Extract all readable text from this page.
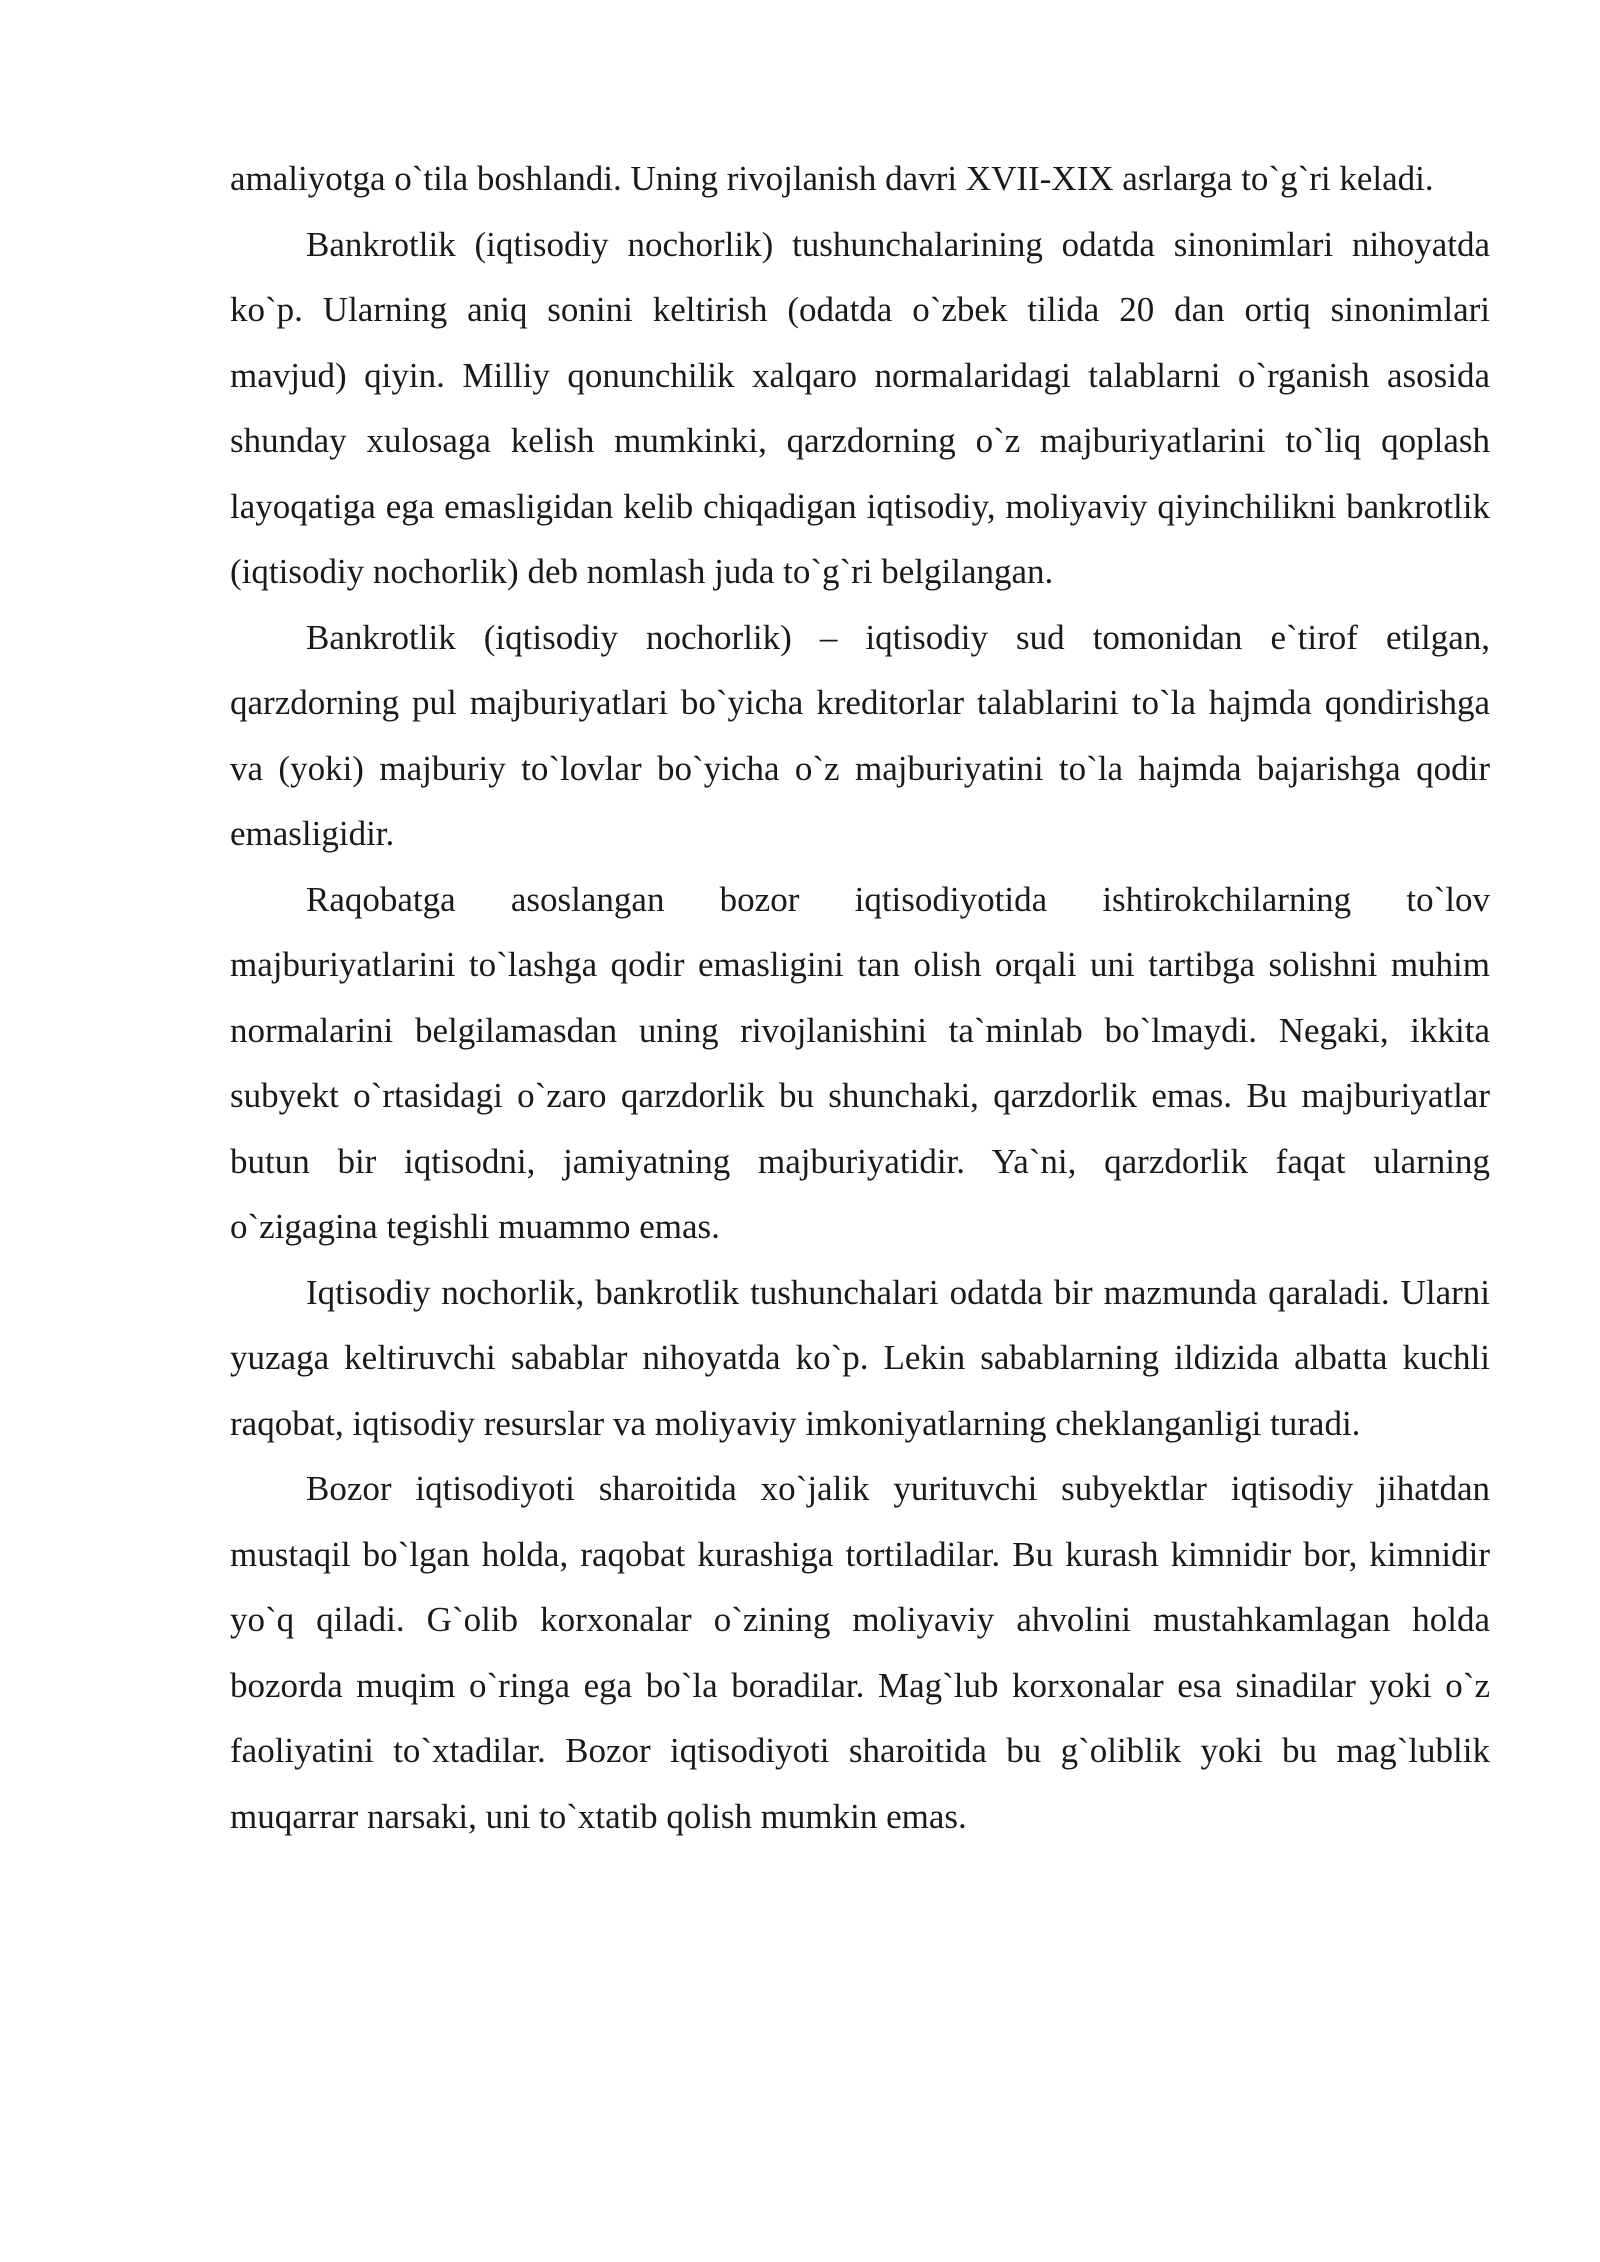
amaliyotga o`tila boshlandi. Uning rivojlanish davri XVII-XIX asrlarga to`g`ri keladi.

Bankrotlik (iqtisodiy nochorlik) tushunchalarining odatda sinonimlari nihoyatda ko`p. Ularning aniq sonini keltirish (odatda o`zbek tilida 20 dan ortiq sinonimlari mavjud) qiyin. Milliy qonunchilik xalqaro normalaridagi talablarni o`rganish asosida shunday xulosaga kelish mumkinki, qarzdorning o`z majburiyatlarini to`liq qoplash layoqatiga ega emasligidan kelib chiqadigan iqtisodiy, moliyaviy qiyinchilikni bankrotlik (iqtisodiy nochorlik) deb nomlash juda to`g`ri belgilangan.

Bankrotlik (iqtisodiy nochorlik) – iqtisodiy sud tomonidan e`tirof etilgan, qarzdorning pul majburiyatlari bo`yicha kreditorlar talablarini to`la hajmda qondirishga va (yoki) majburiy to`lovlar bo`yicha o`z majburiyatini to`la hajmda bajarishga qodir emasligidir.

Raqobatga asoslangan bozor iqtisodiyotida ishtirokchilarning to`lov majburiyatlarini to`lashga qodir emasligini tan olish orqali uni tartibga solishni muhim normalarini belgilamasdan uning rivojlanishini ta`minlab bo`lmaydi. Negaki, ikkita subyekt o`rtasidagi o`zaro qarzdorlik bu shunchaki, qarzdorlik emas. Bu majburiyatlar butun bir iqtisodni, jamiyatning majburiyatidir. Ya`ni, qarzdorlik faqat ularning o`zigagina tegishli muammo emas.

Iqtisodiy nochorlik, bankrotlik tushunchalari odatda bir mazmunda qaraladi. Ularni yuzaga keltiruvchi sabablar nihoyatda ko`p. Lekin sabablarning ildizida albatta kuchli raqobat, iqtisodiy resurslar va moliyaviy imkoniyatlarning cheklanganligi turadi.

Bozor iqtisodiyoti sharoitida xo`jalik yurituvchi subyektlar iqtisodiy jihatdan mustaqil bo`lgan holda, raqobat kurashiga tortiladilar. Bu kurash kimnidir bor, kimnidir yo`q qiladi. G`olib korxonalar o`zining moliyaviy ahvolini mustahkamlagan holda bozorda muqim o`ringa ega bo`la boradilar. Mag`lub korxonalar esa sinadilar yoki o`z faoliyatini to`xtadilar. Bozor iqtisodiyoti sharoitida bu g`oliblik yoki bu mag`lublik muqarrar narsaki, uni to`xtatib qolish mumkin emas.
